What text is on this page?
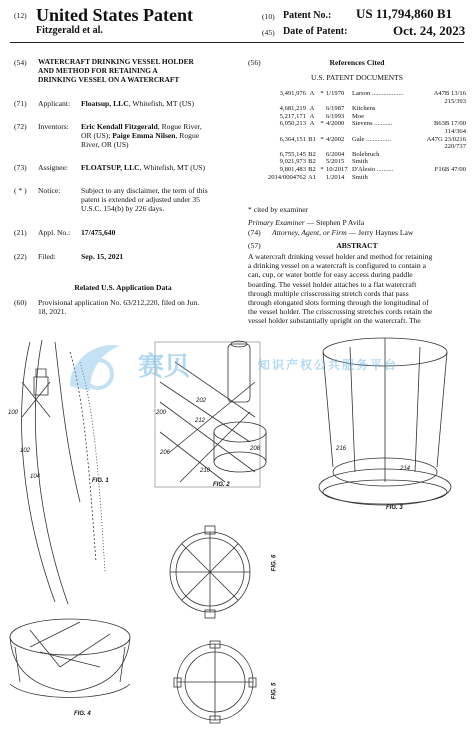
(12) United States Patent
Fitzgerald et al.
(10) Patent No.: US 11,794,860 B1
(45) Date of Patent:	Oct. 24, 2023
(54) WATERCRAFT DRINKING VESSEL HOLDER
AND METHOD FOR RETAINING A
DRINKING VESSEL ON A WATERCRAFT
(71) Applicant: Floatsup, LLC, Whitefish, MT (US)
(72) Inventors: Eric Kendall Fitzgerald, Rogue River,
OR (US); Paige Emma Nilsen, Rogue
River, OR (US)
(73) Assignee: FLOATSUP, LLC, Whitefish, MT (US)
( * ) Notice:	Subject to any disclaimer, the term of this
patent is extended or adjusted under 35
U.S.C. 154(b) by 226 days.
(21) Appl. No.: 17/475,640
(22) Filed:	Sep. 15, 2021
Related U.S. Application Data
(60) Provisional application No. 63/212,220, filed on Jun.
18, 2021.
(56)	References Cited
U.S. PATENT DOCUMENTS
3,491,976	A	*	1/1970	Larson ...................	A47B 13/16
					215/393
4,681,219	A		6/1987	Kitchens	
5,217,171	A		6/1993	Moe	
6,050,213	A	*	4/2000	Stevens ...........	B63B 17/00
					114/364
6,364,151	B1	*	4/2002	Gale ...............	A47G 23/0216
					220/737
6,755,145	B2		6/2004	Bolebruch	
9,021,973	B2		5/2015	Smith	
9,801,483	B2	*	10/2017	D'Alesio ..........	F16B 47/00
2014/0004762	A1		1/2014	Smith	
* cited by examiner
Primary Examiner — Stephen P Avila
(74) Attorney, Agent, or Firm — Jerry Haynes Law
(57)	ABSTRACT
A watercraft drinking vessel holder and method for retaining
a drinking vessel on a watercraft is configured to contain a
can, cup, or water bottle for easy access during paddle
boarding. The vessel holder attaches to a flat watercraft
through multiple crisscrossing stretch cords that pass
through elongated slots forming through the longitudinal of
the vessel holder. The crisscrossing stretches cords retain the
vessel holder substantially upright on the watercraft. The
FIG. 1
FIG. 2
FIG. 3
FIG. 4
FIG. 5
FIG. 6
100
102
104
200
202
206
208
210
212
214
216
赛贝	知识产权公共服务平台
